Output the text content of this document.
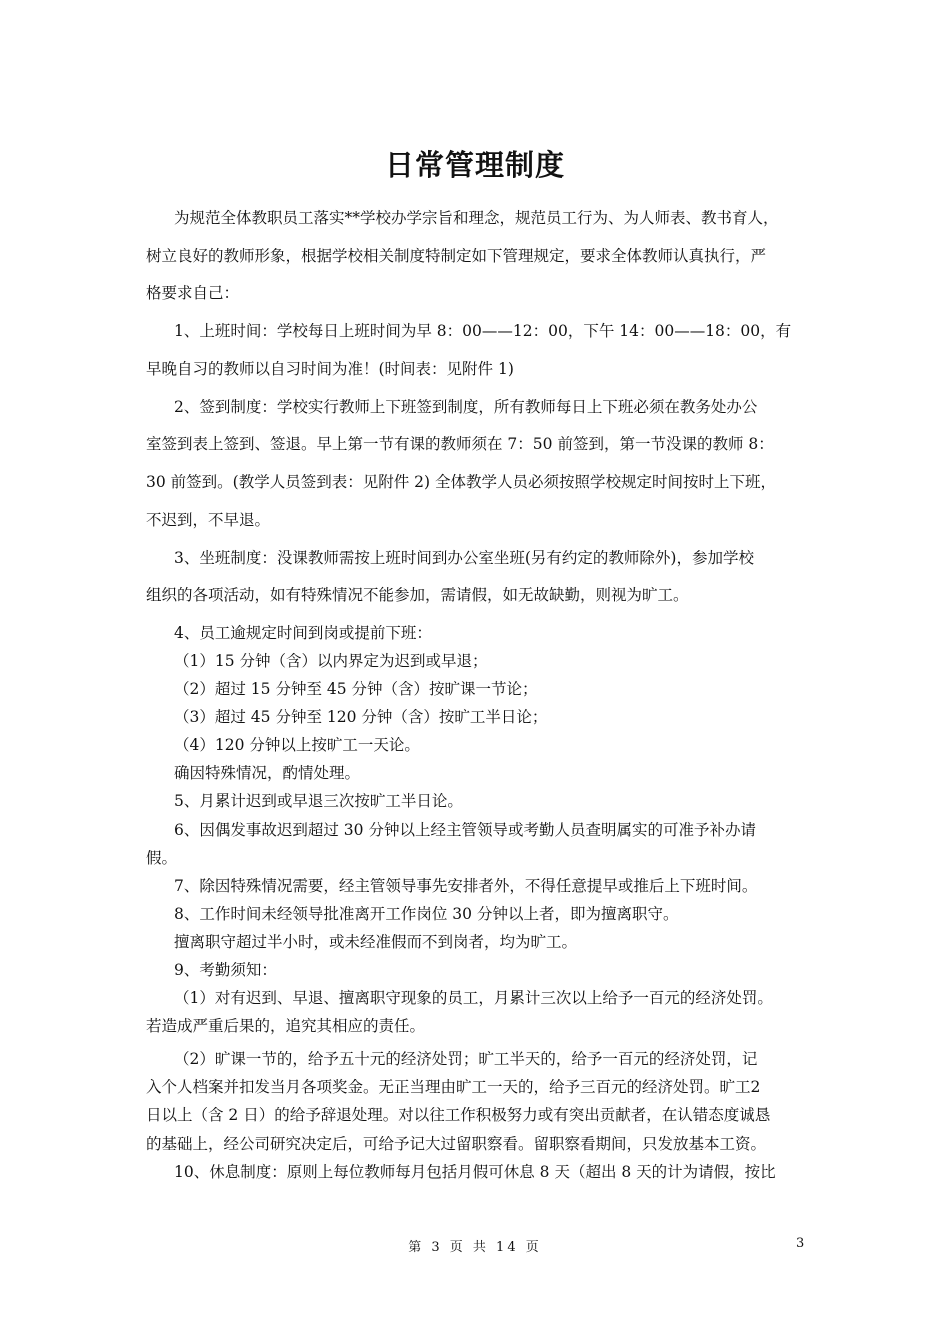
日常管理制度
为规范全体教职员工落实**学校办学宗旨和理念，规范员工行为、为人师表、教书育人，
树立良好的教师形象，根据学校相关制度特制定如下管理规定，要求全体教师认真执行，严
格要求自己：
1、上班时间：学校每日上班时间为早 8：00——12：00，下午 14：00——18：00，有
早晚自习的教师以自习时间为准！(时间表：见附件 1)
2、签到制度：学校实行教师上下班签到制度，所有教师每日上下班必须在教务处办公
室签到表上签到、签退。早上第一节有课的教师须在 7：50 前签到，第一节没课的教师 8：
30 前签到。(教学人员签到表：见附件 2) 全体教学人员必须按照学校规定时间按时上下班，
不迟到，不早退。
3、坐班制度：没课教师需按上班时间到办公室坐班(另有约定的教师除外)，参加学校
组织的各项活动，如有特殊情况不能参加，需请假，如无故缺勤，则视为旷工。
4、员工逾规定时间到岗或提前下班：
（1）15 分钟（含）以内界定为迟到或早退；
（2）超过 15 分钟至 45 分钟（含）按旷课一节论；
（3）超过 45 分钟至 120 分钟（含）按旷工半日论；
（4）120 分钟以上按旷工一天论。
确因特殊情况，酌情处理。
5、月累计迟到或早退三次按旷工半日论。
6、因偶发事故迟到超过 30 分钟以上经主管领导或考勤人员查明属实的可准予补办请
假。
7、除因特殊情况需要，经主管领导事先安排者外，不得任意提早或推后上下班时间。
8、工作时间未经领导批准离开工作岗位 30 分钟以上者，即为擅离职守。
擅离职守超过半小时，或未经准假而不到岗者，均为旷工。
9、考勤须知：
（1）对有迟到、早退、擅离职守现象的员工，月累计三次以上给予一百元的经济处罚。
若造成严重后果的，追究其相应的责任。
（2）旷课一节的，给予五十元的经济处罚；旷工半天的，给予一百元的经济处罚，记
入个人档案并扣发当月各项奖金。无正当理由旷工一天的，给予三百元的经济处罚。旷工2
日以上（含 2 日）的给予辞退处理。对以往工作积极努力或有突出贡献者，在认错态度诚恳
的基础上，经公司研究决定后，可给予记大过留职察看。留职察看期间，只发放基本工资。
10、休息制度：原则上每位教师每月包括月假可休息 8 天（超出 8 天的计为请假，按比
第 3 页 共 14 页	3
